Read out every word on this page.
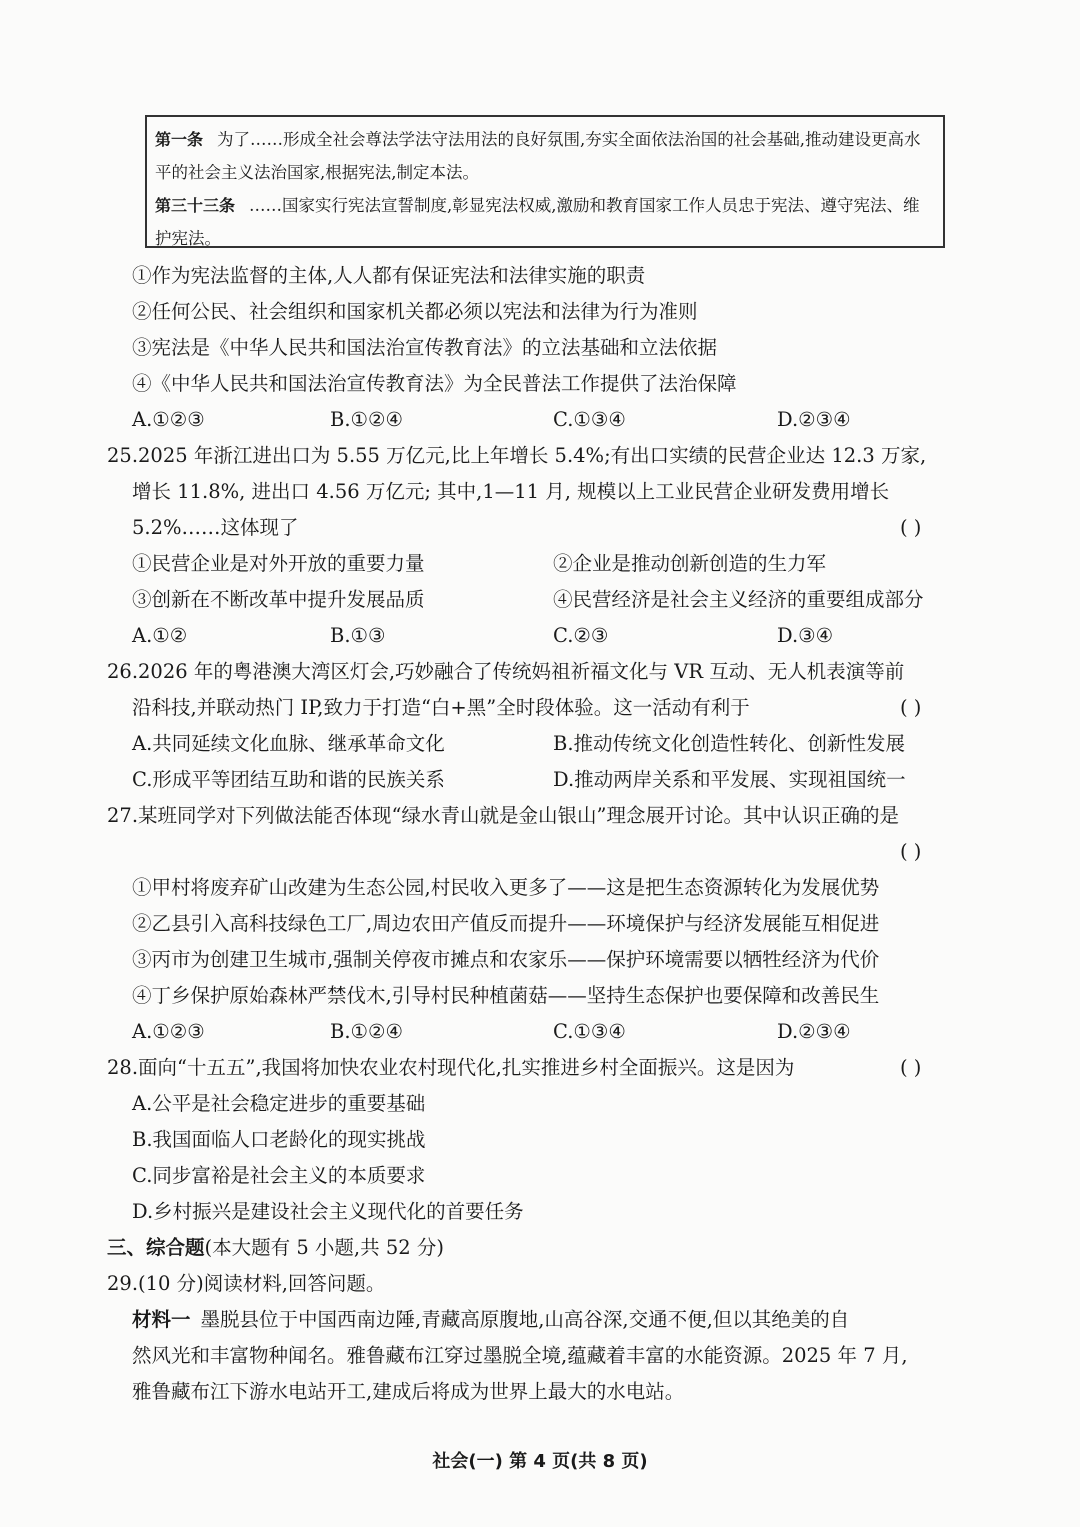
第一条 为了……形成全社会尊法学法守法用法的良好氛围,夯实全面依法治国的社会基础,推动建设更高水平的社会主义法治国家,根据宪法,制定本法。
第三十三条 ……国家实行宪法宣誓制度,彰显宪法权威,激励和教育国家工作人员忠于宪法、遵守宪法、维护宪法。
①作为宪法监督的主体,人人都有保证宪法和法律实施的职责
②任何公民、社会组织和国家机关都必须以宪法和法律为行为准则
③宪法是《中华人民共和国法治宣传教育法》的立法基础和立法依据
④《中华人民共和国法治宣传教育法》为全民普法工作提供了法治保障
A.①②③	B.①②④	C.①③④	D.②③④
25.2025 年浙江进出口为 5.55 万亿元,比上年增长 5.4%;有出口实绩的民营企业达 12.3 万家,
增长 11.8%, 进出口 4.56 万亿元; 其中,1—11 月, 规模以上工业民营企业研发费用增长
5.2%……这体现了	( )
①民营企业是对外开放的重要力量	②企业是推动创新创造的生力军
③创新在不断改革中提升发展品质	④民营经济是社会主义经济的重要组成部分
A.①②	B.①③	C.②③	D.③④
26.2026 年的粤港澳大湾区灯会,巧妙融合了传统妈祖祈福文化与 VR 互动、无人机表演等前
沿科技,并联动热门 IP,致力于打造“白+黑”全时段体验。这一活动有利于	( )
A.共同延续文化血脉、继承革命文化	B.推动传统文化创造性转化、创新性发展
C.形成平等团结互助和谐的民族关系	D.推动两岸关系和平发展、实现祖国统一
27.某班同学对下列做法能否体现“绿水青山就是金山银山”理念展开讨论。其中认识正确的是
( )
①甲村将废弃矿山改建为生态公园,村民收入更多了——这是把生态资源转化为发展优势
②乙县引入高科技绿色工厂,周边农田产值反而提升——环境保护与经济发展能互相促进
③丙市为创建卫生城市,强制关停夜市摊点和农家乐——保护环境需要以牺牲经济为代价
④丁乡保护原始森林严禁伐木,引导村民种植菌菇——坚持生态保护也要保障和改善民生
A.①②③	B.①②④	C.①③④	D.②③④
28.面向“十五五”,我国将加快农业农村现代化,扎实推进乡村全面振兴。这是因为	( )
A.公平是社会稳定进步的重要基础
B.我国面临人口老龄化的现实挑战
C.同步富裕是社会主义的本质要求
D.乡村振兴是建设社会主义现代化的首要任务
三、综合题(本大题有 5 小题,共 52 分)
29.(10 分)阅读材料,回答问题。
材料一 墨脱县位于中国西南边陲,青藏高原腹地,山高谷深,交通不便,但以其绝美的自
然风光和丰富物种闻名。雅鲁藏布江穿过墨脱全境,蕴藏着丰富的水能资源。2025 年 7 月,
雅鲁藏布江下游水电站开工,建成后将成为世界上最大的水电站。
社会(一) 第 4 页(共 8 页)
